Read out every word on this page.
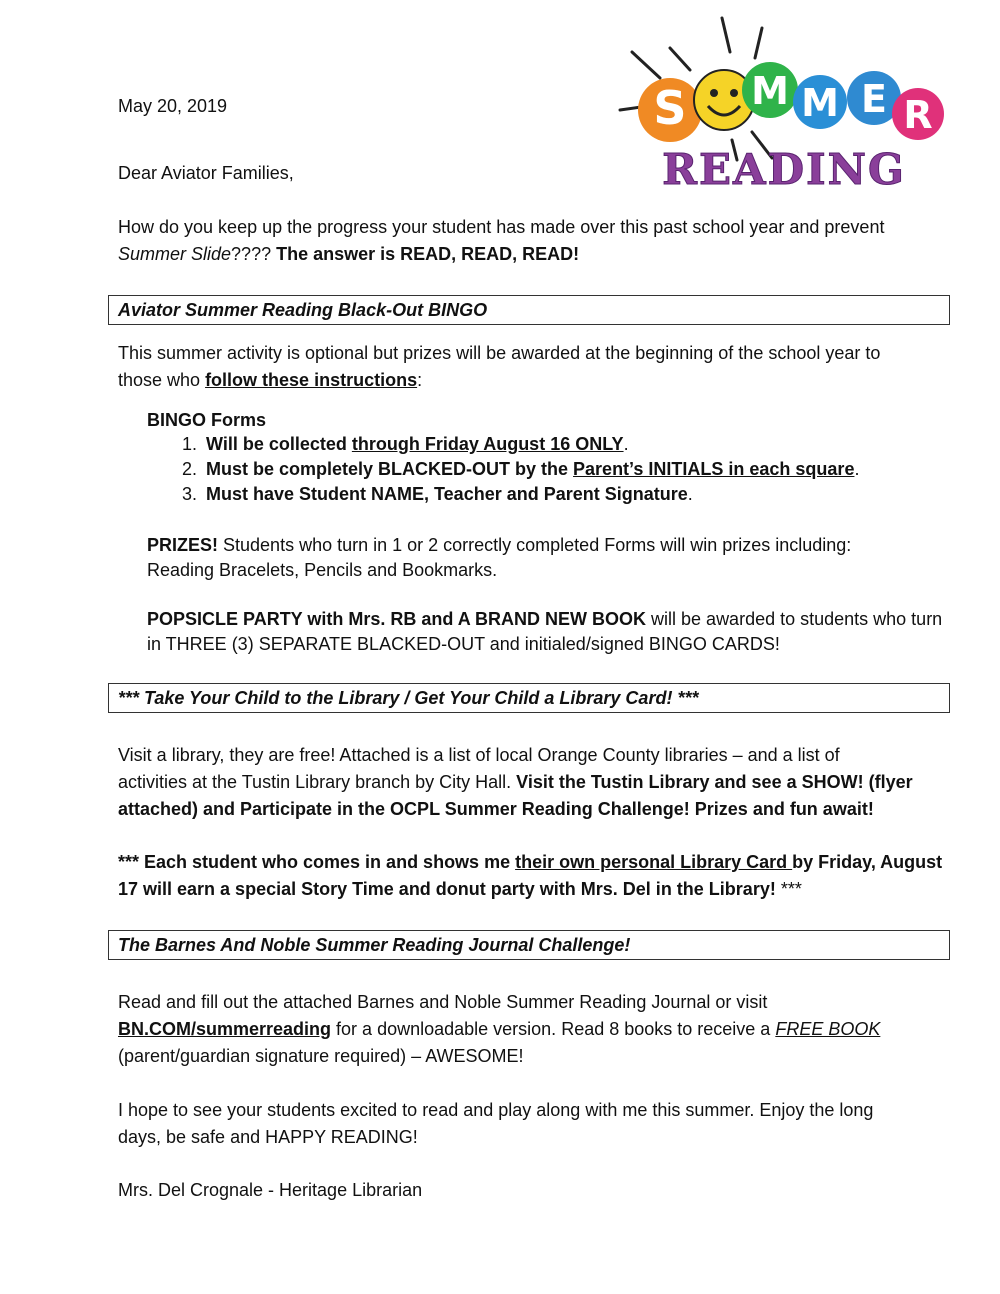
S M M E R
READING
May 20, 2019
Dear Aviator Families,
How do you keep up the progress your student has made over this past school year and prevent
Summer Slide???? The answer is READ, READ, READ!
Aviator Summer Reading Black-Out BINGO
This summer activity is optional but prizes will be awarded at the beginning of the school year to
those who follow these instructions:
BINGO Forms
1. Will be collected through Friday August 16 ONLY.
2. Must be completely BLACKED-OUT by the Parent’s INITIALS in each square.
3. Must have Student NAME, Teacher and Parent Signature.
PRIZES! Students who turn in 1 or 2 correctly completed Forms will win prizes including:
Reading Bracelets, Pencils and Bookmarks.
POPSICLE PARTY with Mrs. RB and A BRAND NEW BOOK will be awarded to students who turn
in THREE (3) SEPARATE BLACKED-OUT and initialed/signed BINGO CARDS!
*** Take Your Child to the Library / Get Your Child a Library Card! ***
Visit a library, they are free! Attached is a list of local Orange County libraries – and a list of
activities at the Tustin Library branch by City Hall. Visit the Tustin Library and see a SHOW! (flyer
attached) and Participate in the OCPL Summer Reading Challenge! Prizes and fun await!
*** Each student who comes in and shows me their own personal Library Card by Friday, August
17 will earn a special Story Time and donut party with Mrs. Del in the Library! ***
The Barnes And Noble Summer Reading Journal Challenge!
Read and fill out the attached Barnes and Noble Summer Reading Journal or visit
BN.COM/summerreading for a downloadable version. Read 8 books to receive a FREE BOOK
(parent/guardian signature required) – AWESOME!
I hope to see your students excited to read and play along with me this summer. Enjoy the long
days, be safe and HAPPY READING!
Mrs. Del Crognale - Heritage Librarian
